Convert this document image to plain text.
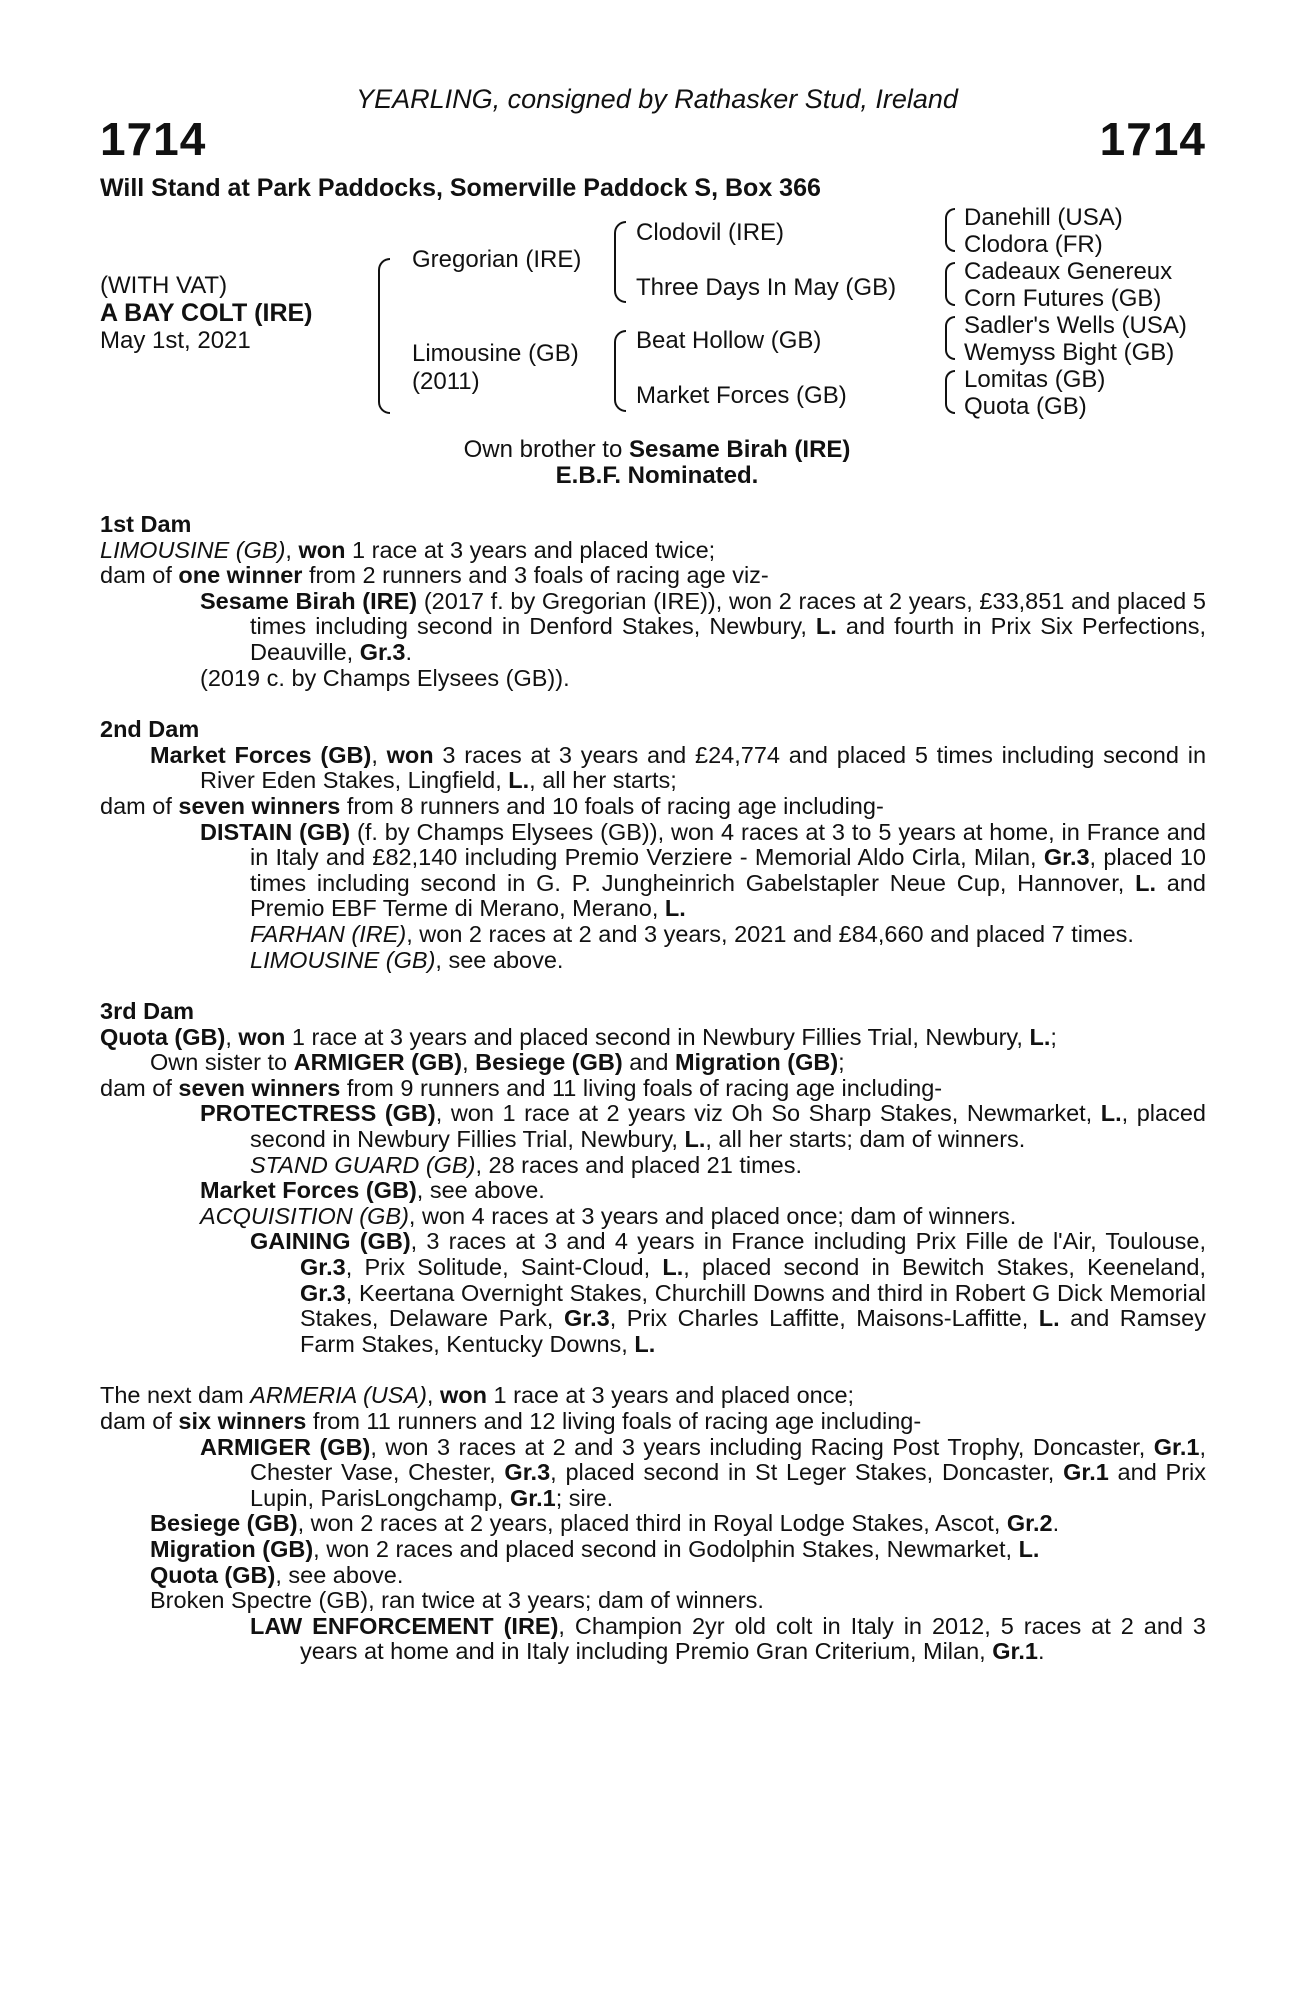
YEARLING, consigned by Rathasker Stud, Ireland
1714	1714
Will Stand at Park Paddocks, Somerville Paddock S, Box 366
(WITH VAT)
A BAY COLT (IRE)
May 1st, 2021
Gregorian (IRE)
Limousine (GB)
(2011)
Clodovil (IRE)
Three Days In May (GB)
Beat Hollow (GB)
Market Forces (GB)
Danehill (USA)
Clodora (FR)
Cadeaux Genereux
Corn Futures (GB)
Sadler's Wells (USA)
Wemyss Bight (GB)
Lomitas (GB)
Quota (GB)
Own brother to Sesame Birah (IRE)
E.B.F. Nominated.

1st Dam

LIMOUSINE (GB), won 1 race at 3 years and placed twice;

dam of one winner from 2 runners and 3 foals of racing age viz-

Sesame Birah (IRE) (2017 f. by Gregorian (IRE)), won 2 races at 2 years, £33,851 and placed 5 times including second in Denford Stakes, Newbury, L. and fourth in Prix Six Perfections, Deauville, Gr.3.

(2019 c. by Champs Elysees (GB)).

2nd Dam

Market Forces (GB), won 3 races at 3 years and £24,774 and placed 5 times including second in River Eden Stakes, Lingfield, L., all her starts;

dam of seven winners from 8 runners and 10 foals of racing age including-

DISTAIN (GB) (f. by Champs Elysees (GB)), won 4 races at 3 to 5 years at home, in France and in Italy and £82,140 including Premio Verziere - Memorial Aldo Cirla, Milan, Gr.3, placed 10 times including second in G. P. Jungheinrich Gabelstapler Neue Cup, Hannover, L. and Premio EBF Terme di Merano, Merano, L.

FARHAN (IRE), won 2 races at 2 and 3 years, 2021 and £84,660 and placed 7 times.

LIMOUSINE (GB), see above.

3rd Dam

Quota (GB), won 1 race at 3 years and placed second in Newbury Fillies Trial, Newbury, L.;

Own sister to ARMIGER (GB), Besiege (GB) and Migration (GB);

dam of seven winners from 9 runners and 11 living foals of racing age including-

PROTECTRESS (GB), won 1 race at 2 years viz Oh So Sharp Stakes, Newmarket, L., placed second in Newbury Fillies Trial, Newbury, L., all her starts; dam of winners.

STAND GUARD (GB), 28 races and placed 21 times.

Market Forces (GB), see above.

ACQUISITION (GB), won 4 races at 3 years and placed once; dam of winners.

GAINING (GB), 3 races at 3 and 4 years in France including Prix Fille de l'Air, Toulouse, Gr.3, Prix Solitude, Saint-Cloud, L., placed second in Bewitch Stakes, Keeneland, Gr.3, Keertana Overnight Stakes, Churchill Downs and third in Robert G Dick Memorial Stakes, Delaware Park, Gr.3, Prix Charles Laffitte, Maisons-Laffitte, L. and Ramsey Farm Stakes, Kentucky Downs, L.

The next dam ARMERIA (USA), won 1 race at 3 years and placed once;

dam of six winners from 11 runners and 12 living foals of racing age including-

ARMIGER (GB), won 3 races at 2 and 3 years including Racing Post Trophy, Doncaster, Gr.1, Chester Vase, Chester, Gr.3, placed second in St Leger Stakes, Doncaster, Gr.1 and Prix Lupin, ParisLongchamp, Gr.1; sire.

Besiege (GB), won 2 races at 2 years, placed third in Royal Lodge Stakes, Ascot, Gr.2.

Migration (GB), won 2 races and placed second in Godolphin Stakes, Newmarket, L.

Quota (GB), see above.

Broken Spectre (GB), ran twice at 3 years; dam of winners.

LAW ENFORCEMENT (IRE), Champion 2yr old colt in Italy in 2012, 5 races at 2 and 3 years at home and in Italy including Premio Gran Criterium, Milan, Gr.1.
